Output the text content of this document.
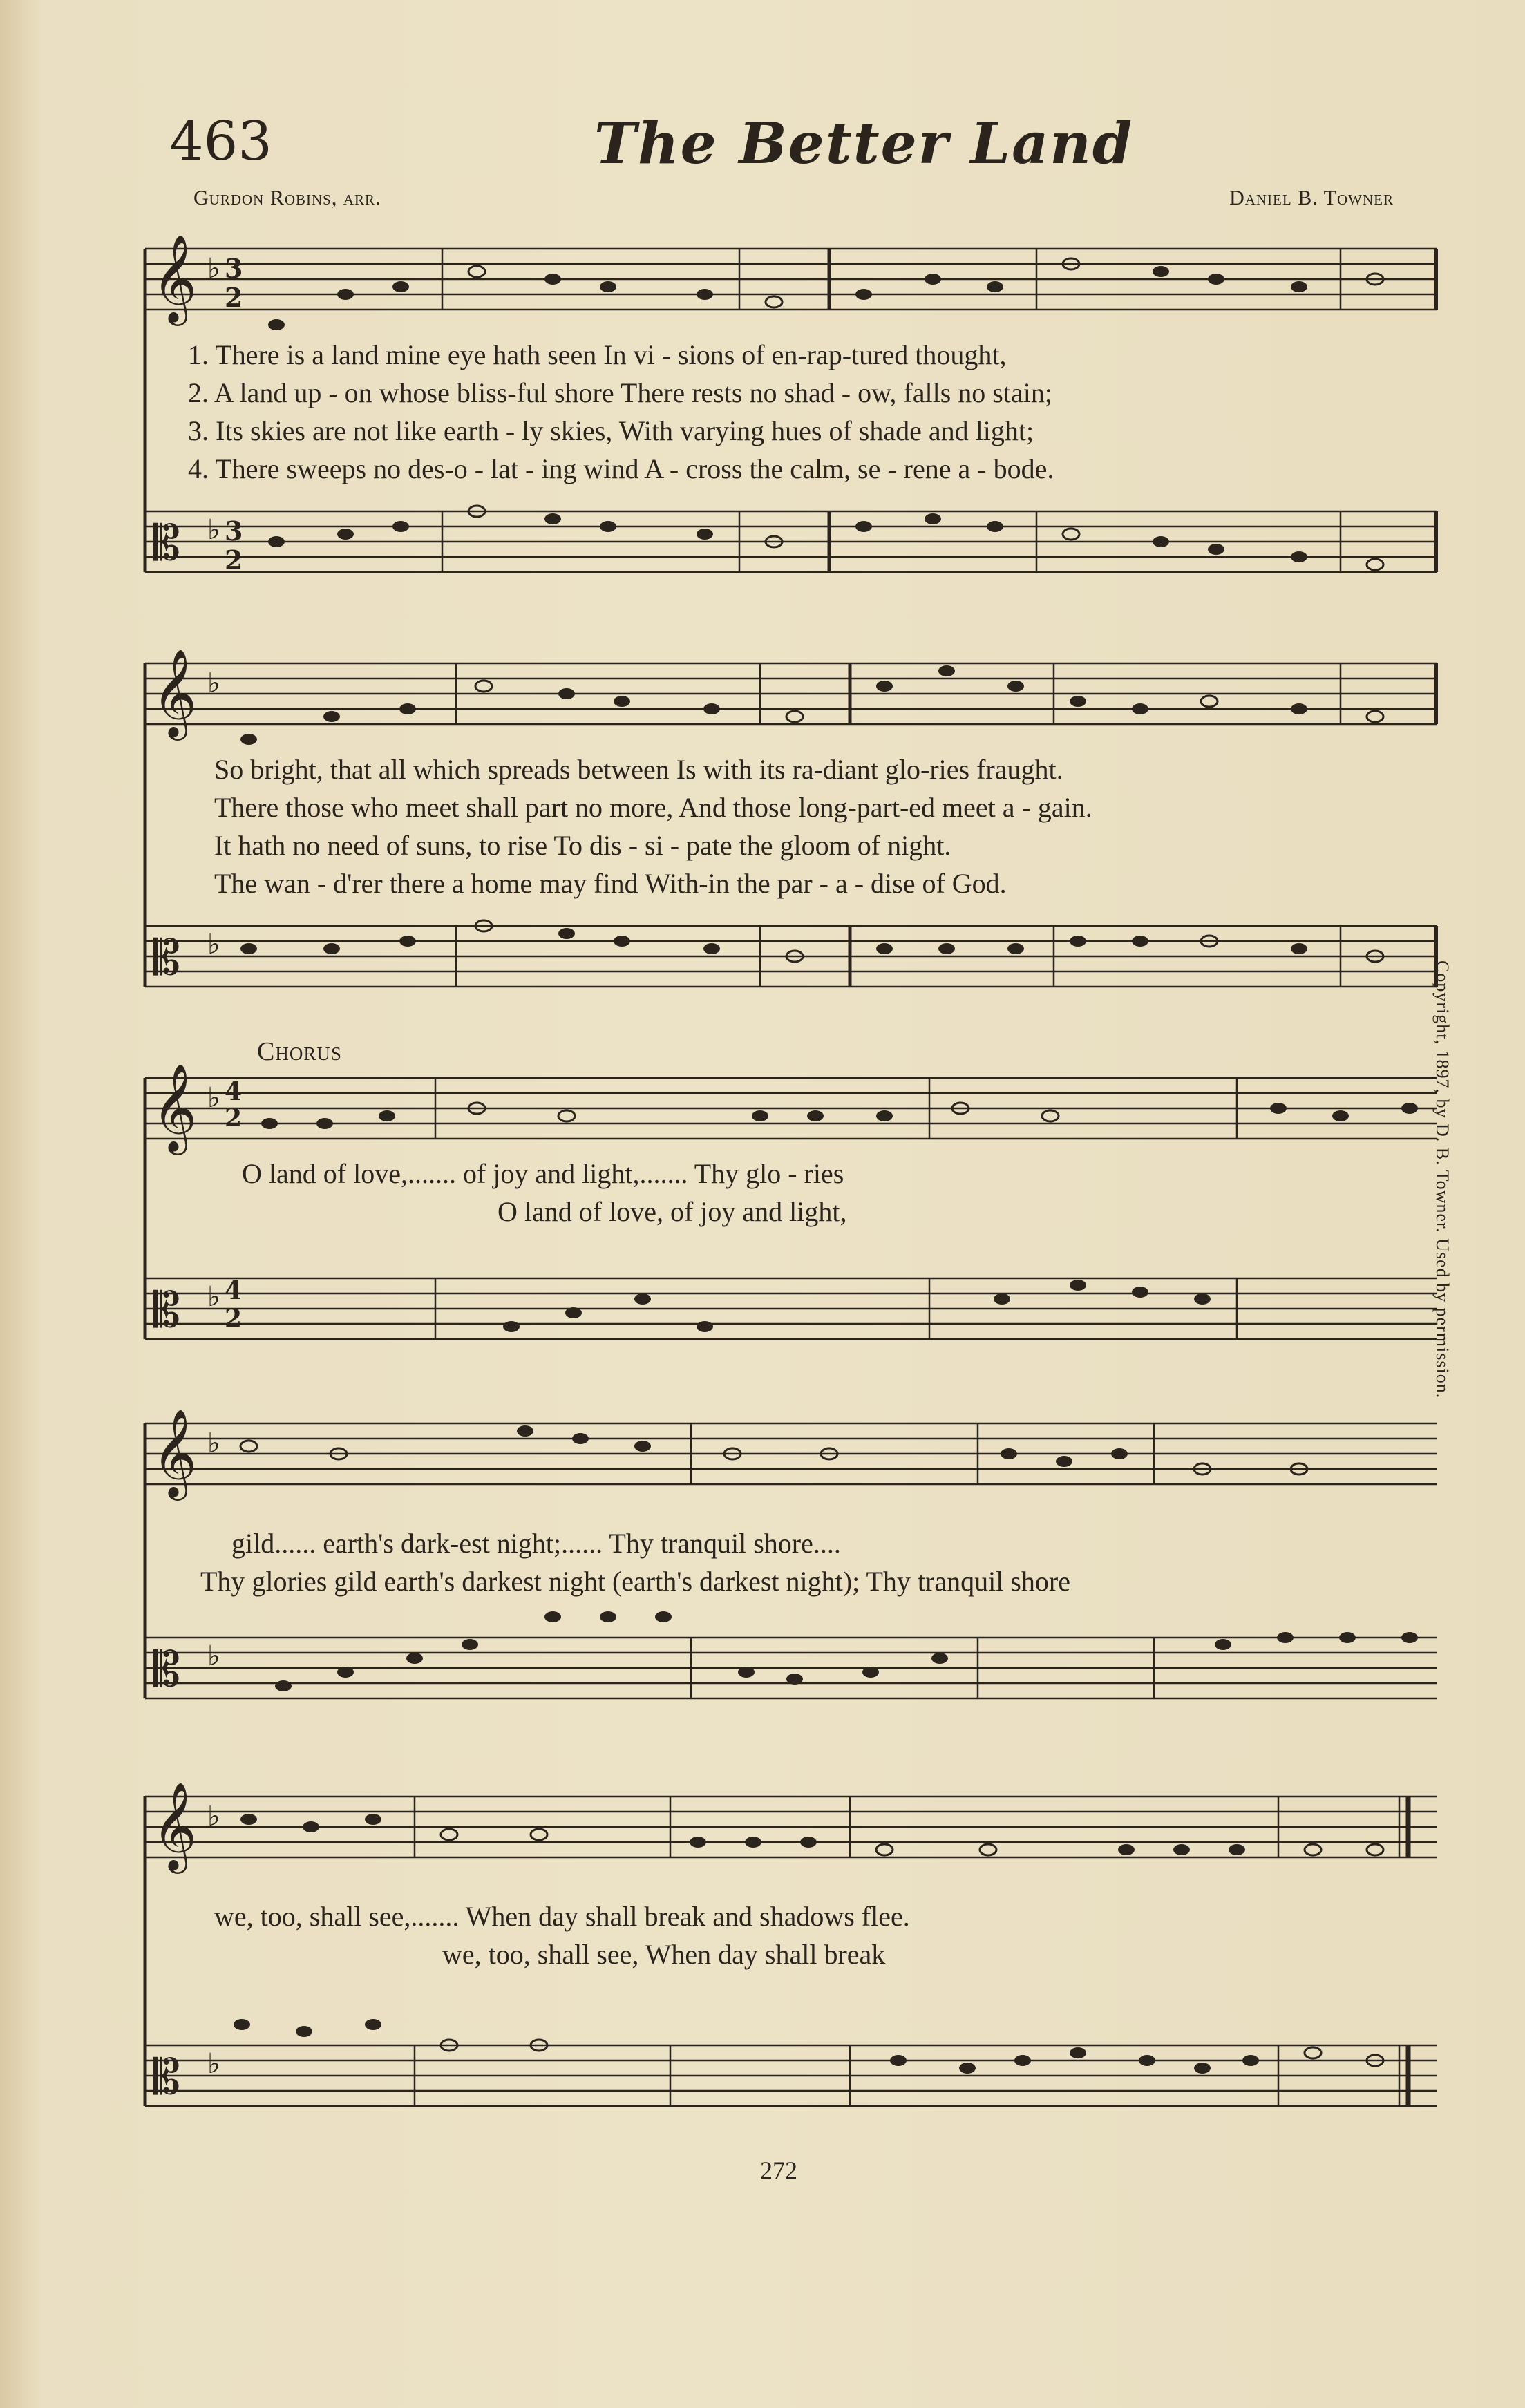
463	The Better Land
Gurdon Robins, arr.	Daniel B. Towner
𝄞
𝄡
♭
♭
3
2
3
2
1. There is a land mine eye hath seen In vi - sions of en-rap-tured thought,
2. A land up - on whose bliss-ful shore There rests no shad - ow, falls no stain;
3. Its skies are not like earth - ly skies, With varying hues of shade and light;
4. There sweeps no des-o - lat - ing wind A - cross the calm, se - rene a - bode.
𝄞
𝄡
♭
♭
So bright, that all which spreads between Is with its ra-diant glo-ries fraught.
There those who meet shall part no more, And those long-part-ed meet a - gain.
It hath no need of suns, to rise To dis - si - pate the gloom of night.
The wan - d'rer there a home may find With-in the par - a - dise of God.
Chorus
𝄞
𝄡
♭
♭
4
2
4
2
O land of love,....... of joy and light,....... Thy glo - ries
O land of love, of joy and light,
𝄞
𝄡
♭
♭
gild...... earth's dark-est night;...... Thy tranquil shore....
Thy glories gild earth's darkest night (earth's darkest night); Thy tranquil shore
𝄞
𝄡
♭
♭
we, too, shall see,....... When day shall break and shadows flee.
we, too, shall see, When day shall break
Copyright, 1897, by D. B. Towner. Used by permission.
272
